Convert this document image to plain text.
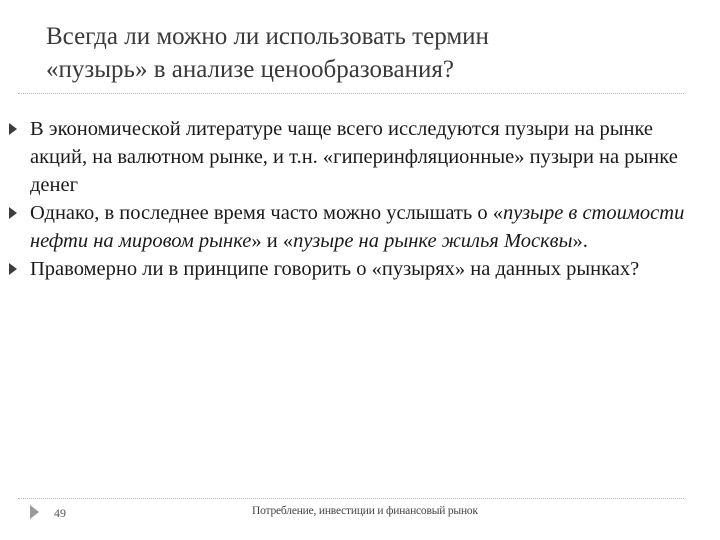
Всегда ли можно ли использовать термин
«пузырь» в анализе ценообразования?
В экономической литературе чаще всего исследуются пузыри на рынке акций, на валютном рынке, и т.н. «гиперинфляционные» пузыри на рынке денег
Однако, в последнее время часто можно услышать о «пузыре в стоимости нефти на мировом рынке» и «пузыре на рынке жилья Москвы».
Правомерно ли в принципе говорить о «пузырях» на данных рынках?
49	Потребление, инвестиции и финансовый рынок
